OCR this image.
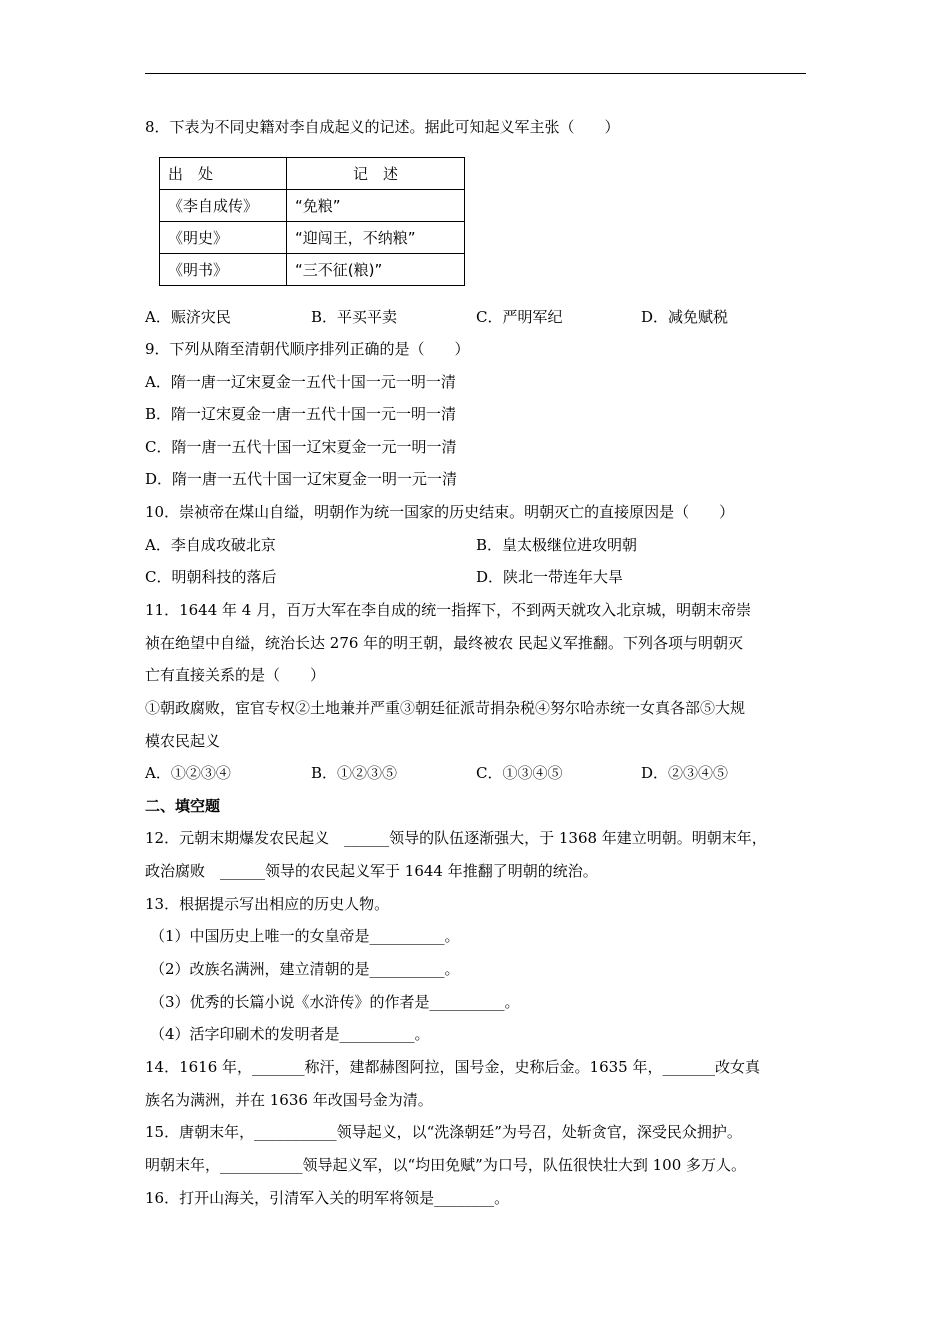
8．下表为不同史籍对李自成起义的记述。据此可知起义军主张（　　）
出　处	记　述
《李自成传》	“免粮”
《明史》	“迎闯王，不纳粮”
《明书》	“三不征(粮)”
A．赈济灾民	B．平买平卖	C．严明军纪	D．减免赋税
9．下列从隋至清朝代顺序排列正确的是（　　）
A．隋一唐一辽宋夏金一五代十国一元一明一清
B．隋一辽宋夏金一唐一五代十国一元一明一清
C．隋一唐一五代十国一辽宋夏金一元一明一清
D．隋一唐一五代十国一辽宋夏金一明一元一清
10．崇祯帝在煤山自缢，明朝作为统一国家的历史结束。明朝灭亡的直接原因是（　　）
A．李自成攻破北京	B．皇太极继位进攻明朝
C．明朝科技的落后	D．陕北一带连年大旱
11．1644 年 4 月，百万大军在李自成的统一指挥下，不到两天就攻入北京城，明朝末帝崇
祯在绝望中自缢，统治长达 276 年的明王朝，最终被农 民起义军推翻。下列各项与明朝灭
亡有直接关系的是（　　）
①朝政腐败，宦官专权②土地兼并严重③朝廷征派苛捐杂税④努尔哈赤统一女真各部⑤大规
模农民起义
A．①②③④	B．①②③⑤	C．①③④⑤	D．②③④⑤
二、填空题
12．元朝末期爆发农民起义　______领导的队伍逐渐强大，于 1368 年建立明朝。明朝末年，
政治腐败　______领导的农民起义军于 1644 年推翻了明朝的统治。
13．根据提示写出相应的历史人物。
（1）中国历史上唯一的女皇帝是__________。
（2）改族名满洲，建立清朝的是__________。
（3）优秀的长篇小说《水浒传》的作者是__________。
（4）活字印刷术的发明者是__________。
14．1616 年，_______称汗，建都赫图阿拉，国号金，史称后金。1635 年，_______改女真
族名为满洲，并在 1636 年改国号金为清。
15．唐朝末年，___________领导起义，以“洗涤朝廷”为号召，处斩贪官，深受民众拥护。
明朝末年，___________领导起义军，以“均田免赋”为口号，队伍很快壮大到 100 多万人。
16．打开山海关，引清军入关的明军将领是________。
